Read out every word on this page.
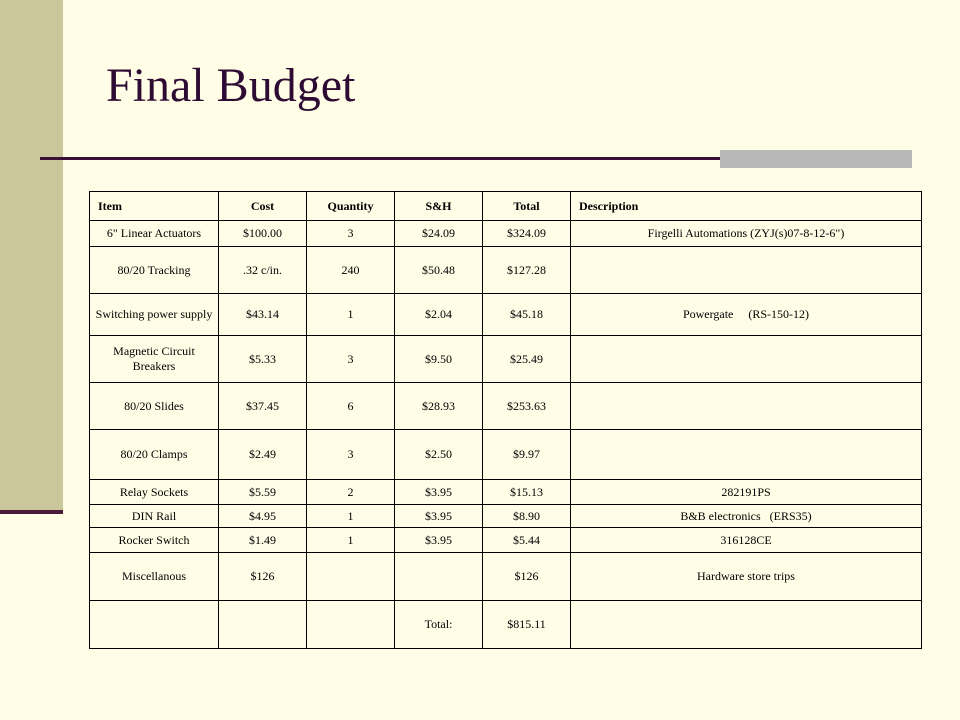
Final Budget
Item	Cost	Quantity	S&H	Total	Description
6" Linear Actuators	$100.00	3	$24.09	$324.09	Firgelli Automations (ZYJ(s)07-8-12-6")
80/20 Tracking	.32 c/in.	240	$50.48	$127.28	
Switching power supply	$43.14	1	$2.04	$45.18	Powergate     (RS-150-12)
Magnetic Circuit Breakers	$5.33	3	$9.50	$25.49	
80/20 Slides	$37.45	6	$28.93	$253.63	
80/20 Clamps	$2.49	3	$2.50	$9.97	
Relay Sockets	$5.59	2	$3.95	$15.13	282191PS
DIN Rail	$4.95	1	$3.95	$8.90	B&B electronics   (ERS35)
Rocker Switch	$1.49	1	$3.95	$5.44	316128CE
Miscellanous	$126			$126	Hardware store trips
			Total:	$815.11	
